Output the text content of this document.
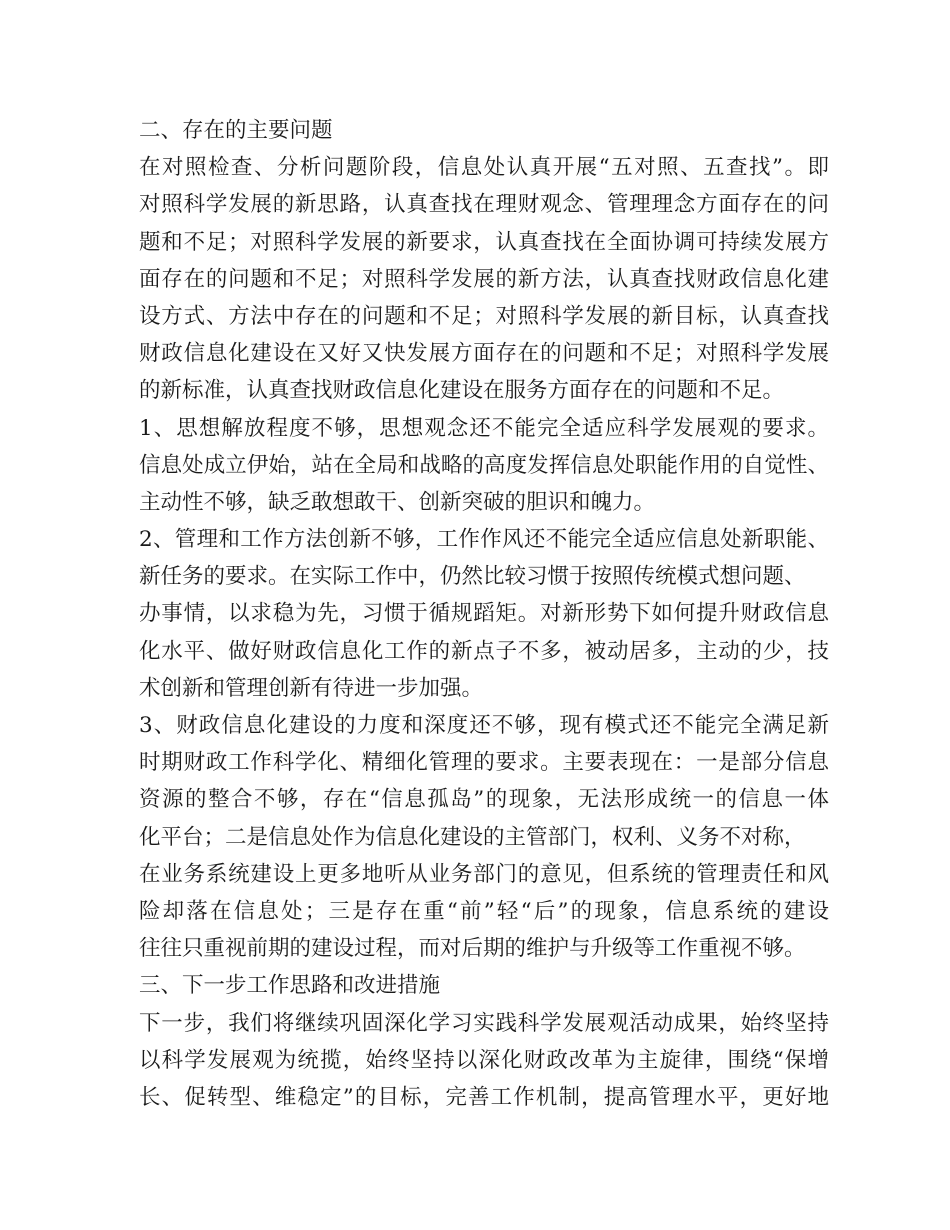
二、存在的主要问题
在对照检查、分析问题阶段，信息处认真开展“五对照、五查找”。即
对照科学发展的新思路，认真查找在理财观念、管理理念方面存在的问
题和不足；对照科学发展的新要求，认真查找在全面协调可持续发展方
面存在的问题和不足；对照科学发展的新方法，认真查找财政信息化建
设方式、方法中存在的问题和不足；对照科学发展的新目标，认真查找
财政信息化建设在又好又快发展方面存在的问题和不足；对照科学发展
的新标准，认真查找财政信息化建设在服务方面存在的问题和不足。
1、思想解放程度不够，思想观念还不能完全适应科学发展观的要求。
信息处成立伊始，站在全局和战略的高度发挥信息处职能作用的自觉性、
主动性不够，缺乏敢想敢干、创新突破的胆识和魄力。
2、管理和工作方法创新不够，工作作风还不能完全适应信息处新职能、
新任务的要求。在实际工作中，仍然比较习惯于按照传统模式想问题、
办事情，以求稳为先，习惯于循规蹈矩。对新形势下如何提升财政信息
化水平、做好财政信息化工作的新点子不多，被动居多，主动的少，技
术创新和管理创新有待进一步加强。
3、财政信息化建设的力度和深度还不够，现有模式还不能完全满足新
时期财政工作科学化、精细化管理的要求。主要表现在：一是部分信息
资源的整合不够，存在“信息孤岛”的现象，无法形成统一的信息一体
化平台；二是信息处作为信息化建设的主管部门，权利、义务不对称，
在业务系统建设上更多地听从业务部门的意见，但系统的管理责任和风
险却落在信息处；三是存在重“前”轻“后”的现象，信息系统的建设
往往只重视前期的建设过程，而对后期的维护与升级等工作重视不够。
三、下一步工作思路和改进措施
下一步，我们将继续巩固深化学习实践科学发展观活动成果，始终坚持
以科学发展观为统揽，始终坚持以深化财政改革为主旋律，围绕“保增
长、促转型、维稳定”的目标，完善工作机制，提高管理水平，更好地
